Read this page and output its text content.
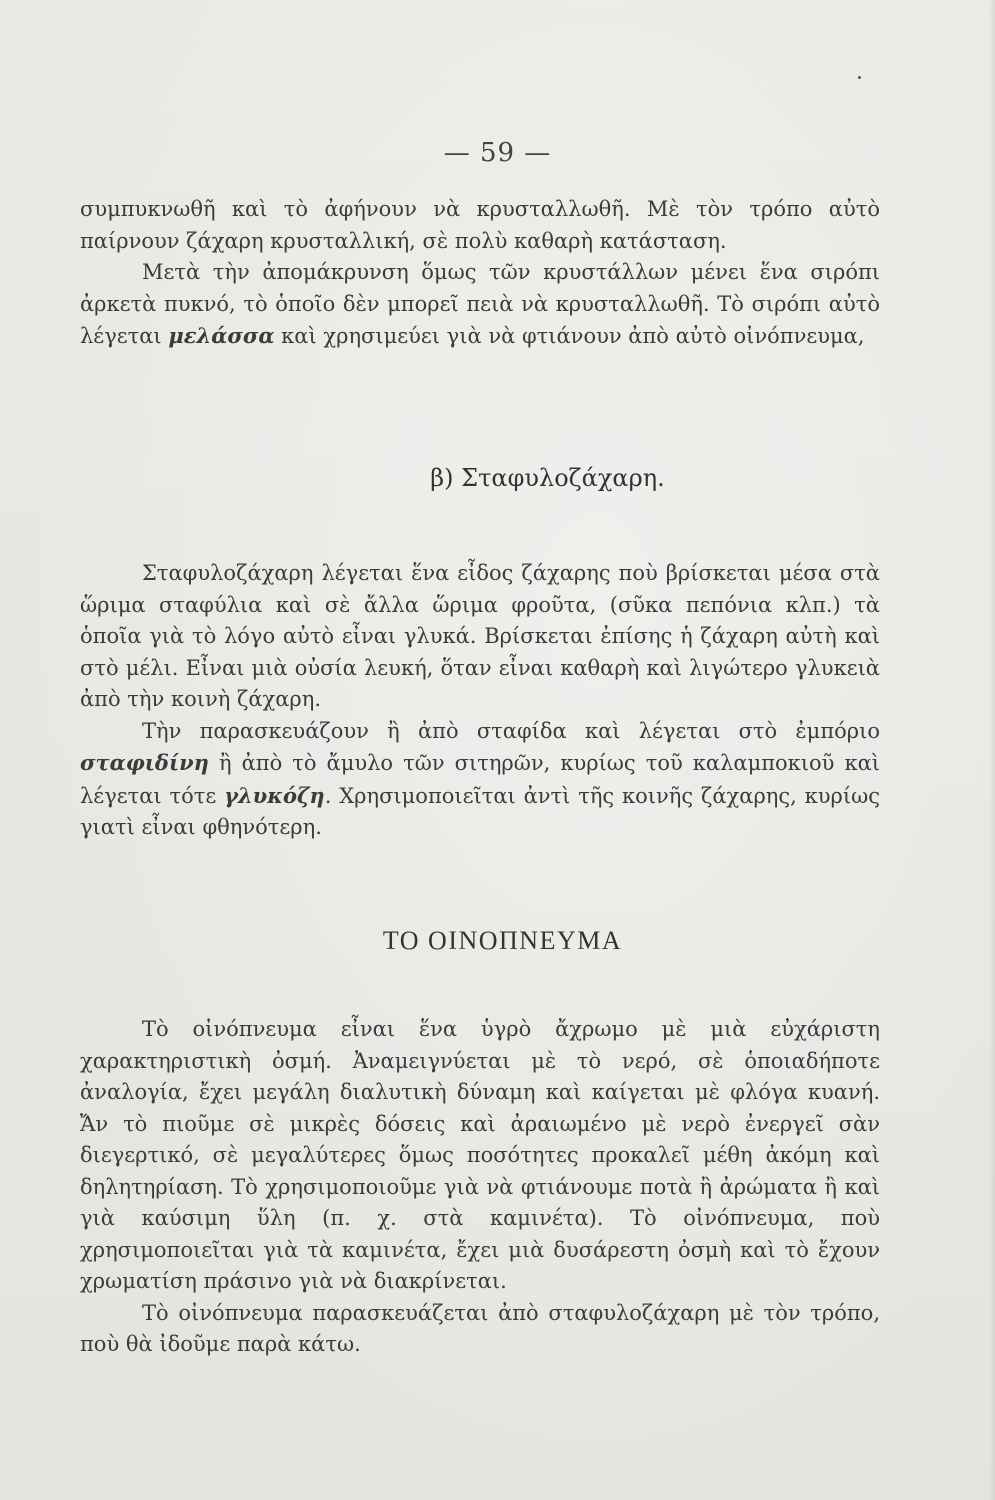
— 59 —

συμπυκνωθῆ καὶ τὸ ἀφήνουν νὰ κρυσταλλωθῆ. Μὲ τὸν τρόπο αὐτὸ παίρνουν ζάχαρη κρυσταλλική, σὲ πολὺ καθαρὴ κατάσταση.

Μετὰ τὴν ἀπομάκρυνση ὅμως τῶν κρυστάλλων μένει ἕνα σιρόπι ἀρκετὰ πυκνό, τὸ ὁποῖο δὲν μπορεῖ πειὰ νὰ κρυσταλλωθῆ. Τὸ σιρόπι αὐτὸ λέγεται μελάσσα καὶ χρησιμεύει γιὰ νὰ φτιάνουν ἀπὸ αὐτὸ οἰνόπνευμα,

β) Σταφυλοζάχαρη.

Σταφυλοζάχαρη λέγεται ἕνα εἶδος ζάχαρης ποὺ βρίσκεται μέσα στὰ ὥριμα σταφύλια καὶ σὲ ἄλλα ὥριμα φροῦτα, (σῦκα πεπόνια κλπ.) τὰ ὁποῖα γιὰ τὸ λόγο αὐτὸ εἶναι γλυκά. Βρίσκεται ἐπίσης ἡ ζάχαρη αὐτὴ καὶ στὸ μέλι. Εἶναι μιὰ οὐσία λευκή, ὅταν εἶναι καθαρὴ καὶ λιγώτερο γλυκειὰ ἀπὸ τὴν κοινὴ ζάχαρη.

Τὴν παρασκευάζουν ἢ ἀπὸ σταφίδα καὶ λέγεται στὸ ἐμπόριο σταφιδίνη ἢ ἀπὸ τὸ ἄμυλο τῶν σιτηρῶν, κυρίως τοῦ καλαμποκιοῦ καὶ λέγεται τότε γλυκόζη. Χρησιμοποιεῖται ἀντὶ τῆς κοινῆς ζάχαρης, κυρίως γιατὶ εἶναι φθηνότερη.

ΤΟ ΟΙΝΟΠΝΕΥΜΑ

Τὸ οἰνόπνευμα εἶναι ἕνα ὑγρὸ ἄχρωμο μὲ μιὰ εὐχάριστη χαρακτηριστικὴ ὀσμή. Ἀναμειγνύεται μὲ τὸ νερό, σὲ ὁποιαδήποτε ἀναλογία, ἔχει μεγάλη διαλυτικὴ δύναμη καὶ καίγεται μὲ φλόγα κυανή. Ἄν τὸ πιοῦμε σὲ μικρὲς δόσεις καὶ ἀραιωμένο μὲ νερὸ ἐνεργεῖ σὰν διεγερτικό, σὲ μεγαλύτερες ὅμως ποσότητες προκαλεῖ μέθη ἀκόμη καὶ δηλητηρίαση. Τὸ χρησιμοποιοῦμε γιὰ νὰ φτιάνουμε ποτὰ ἢ ἀρώματα ἢ καὶ γιὰ καύσιμη ὕλη (π. χ. στὰ καμινέτα). Τὸ οἰνόπνευμα, ποὺ χρησιμοποιεῖται γιὰ τὰ καμινέτα, ἔχει μιὰ δυσάρεστη ὀσμὴ καὶ τὸ ἔχουν χρωματίση πράσινο γιὰ νὰ διακρίνεται.

Τὸ οἰνόπνευμα παρασκευάζεται ἀπὸ σταφυλοζάχαρη μὲ τὸν τρόπο, ποὺ θὰ ἰδοῦμε παρὰ κάτω.
